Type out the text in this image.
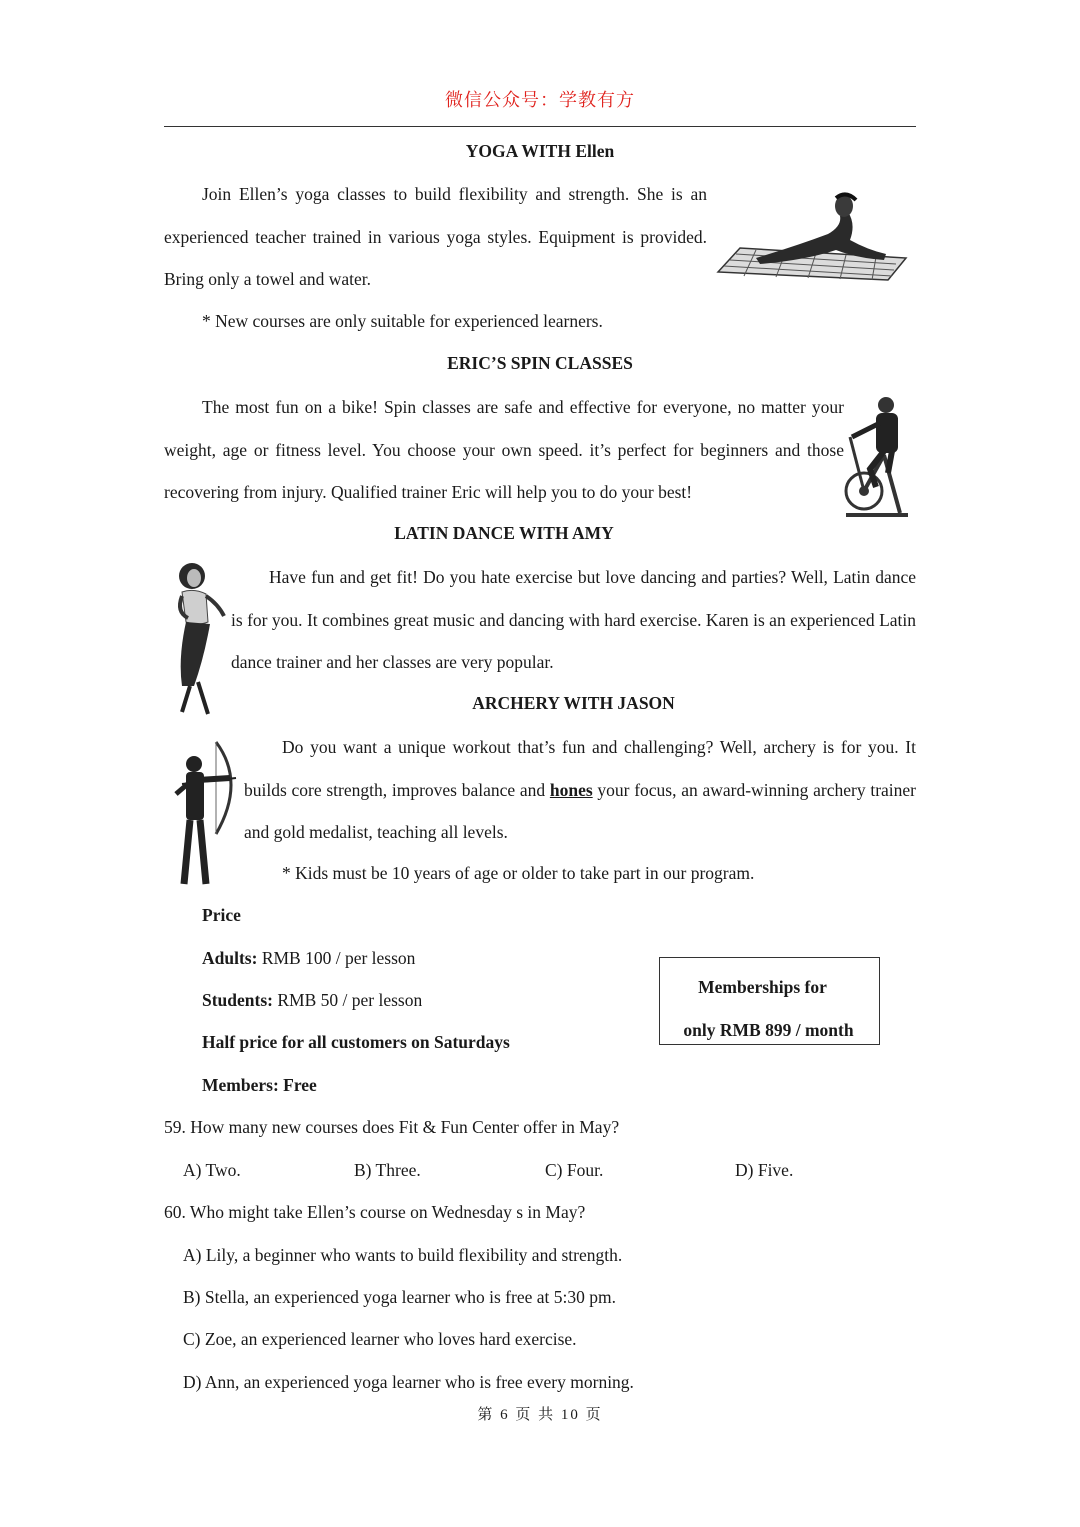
微信公众号：学教有方
YOGA WITH Ellen
Join Ellen’s yoga classes to build flexibility and strength. She is an experienced teacher trained in various yoga styles. Equipment is provided. Bring only a towel and water.
* New courses are only suitable for experienced learners.
ERIC’S SPIN CLASSES
The most fun on a bike! Spin classes are safe and effective for everyone, no matter your weight, age or fitness level. You choose your own speed. it’s perfect for beginners and those recovering from injury. Qualified trainer Eric will help you to do your best!
LATIN DANCE WITH AMY
Have fun and get fit! Do you hate exercise but love dancing and parties? Well, Latin dance is for you. It combines great music and dancing with hard exercise. Karen is an experienced Latin dance trainer and her classes are very popular.
ARCHERY WITH JASON
Do you want a unique workout that’s fun and challenging? Well, archery is for you. It builds core strength, improves balance and hones your focus, an award-winning archery trainer and gold medalist, teaching all levels.
* Kids must be 10 years of age or older to take part in our program.
Price
Adults: RMB 100 / per lesson
Students: RMB 50 / per lesson
Half price for all customers on Saturdays
Members: Free
Memberships for
only RMB 899 / month
59. How many new courses does Fit & Fun Center offer in May?
A) Two.	B) Three.	C) Four.	D) Five.
60. Who might take Ellen’s course on Wednesday s in May?
A) Lily, a beginner who wants to build flexibility and strength.
B) Stella, an experienced yoga learner who is free at 5:30 pm.
C) Zoe, an experienced learner who loves hard exercise.
D) Ann, an experienced yoga learner who is free every morning.
第 6 页 共 10 页
